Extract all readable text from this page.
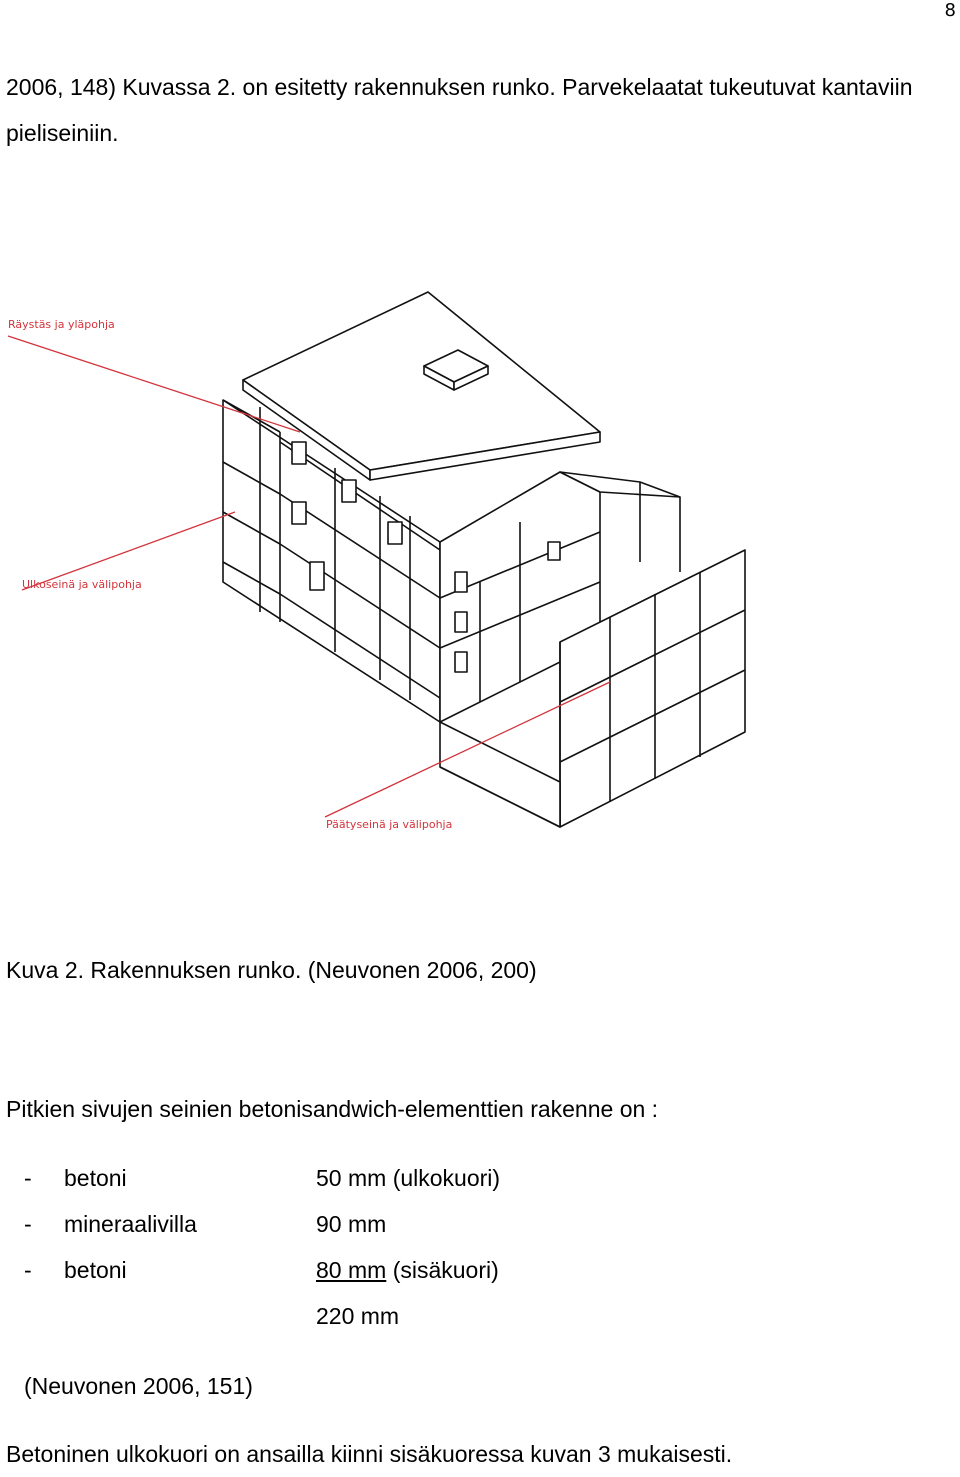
8

2006, 148) Kuvassa 2. on esitetty rakennuksen runko. Parvekelaatat tukeutuvat kantaviin pieliseiniin.

Räystäs ja yläpohja
Ulkoseinä ja välipohja
Päätyseinä ja välipohja

Kuva 2. Rakennuksen runko. (Neuvonen 2006, 200)

Pitkien sivujen seinien betonisandwich-elementtien rakenne on :

-	betoni	50 mm (ulkokuori)
-	mineraalivilla	90 mm
-	betoni	80 mm (sisäkuori)
		220 mm

(Neuvonen 2006, 151)

Betoninen ulkokuori on ansailla kiinni sisäkuoressa kuvan 3 mukaisesti.
